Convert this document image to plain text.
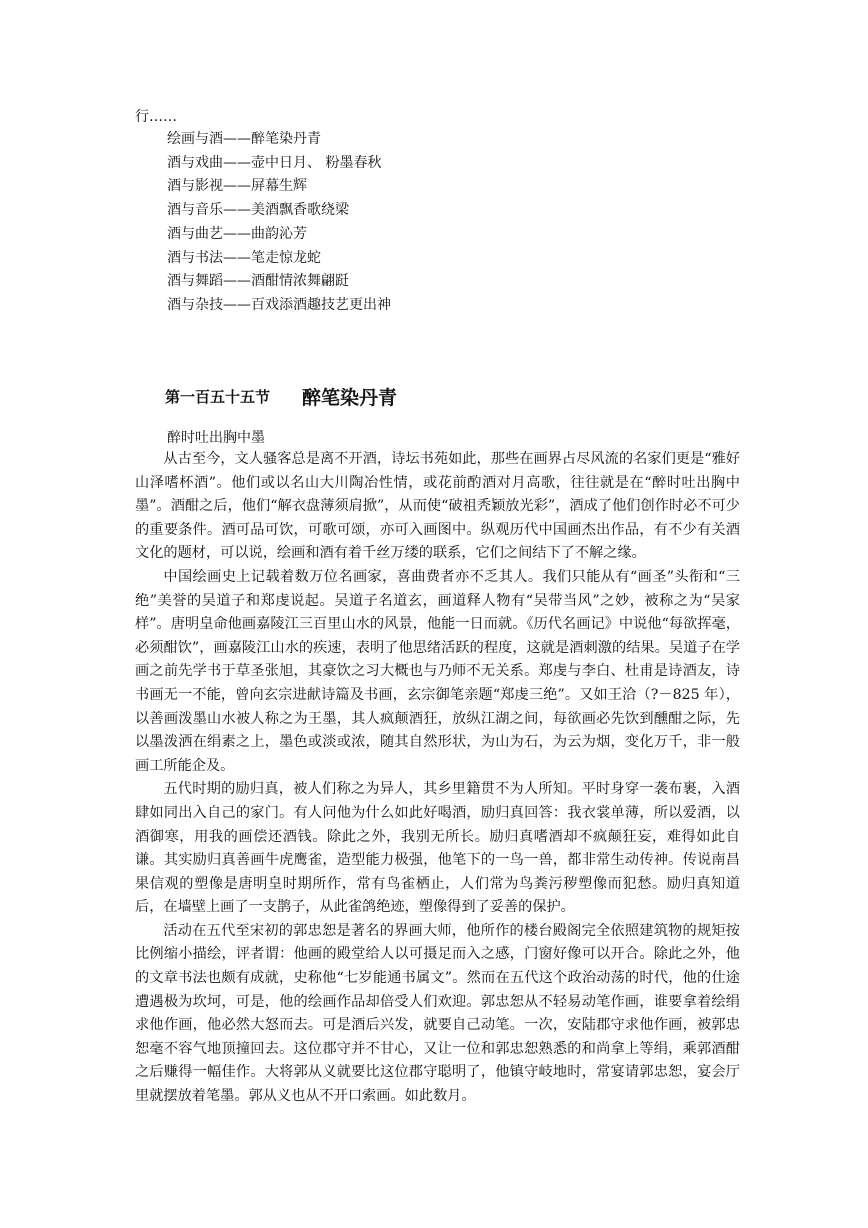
行……
绘画与酒——醉笔染丹青
酒与戏曲——壶中日月、 粉墨春秋
酒与影视——屏幕生辉
酒与音乐——美酒飘香歌绕梁
酒与曲艺——曲韵沁芳
酒与书法——笔走惊龙蛇
酒与舞蹈——酒酣情浓舞翩跹
酒与杂技——百戏添酒趣技艺更出神
第一百五十五节 醉笔染丹青
醉时吐出胸中墨

从古至今，文人骚客总是离不开酒，诗坛书苑如此，那些在画界占尽风流的名家们更是“雅好山泽嗜杯酒”。他们或以名山大川陶冶性情，或花前酌酒对月高歌，往往就是在“醉时吐出胸中墨”。酒酣之后，他们“解衣盘薄须肩掀”，从而使“破祖秃颖放光彩”，酒成了他们创作时必不可少的重要条件。酒可品可饮，可歌可颂，亦可入画图中。纵观历代中国画杰出作品，有不少有关酒文化的题材，可以说，绘画和酒有着千丝万缕的联系，它们之间结下了不解之缘。

中国绘画史上记载着数万位名画家，喜曲费者亦不乏其人。我们只能从有“画圣”头衔和“三绝”美誉的吴道子和郑虔说起。吴道子名道玄，画道释人物有“吴带当风”之妙，被称之为“吴家样”。唐明皇命他画嘉陵江三百里山水的风景，他能一日而就。《历代名画记》中说他“每欲挥毫，必须酣饮”，画嘉陵江山水的疾速，表明了他思绪活跃的程度，这就是酒刺激的结果。吴道子在学画之前先学书于草圣张旭，其豪饮之习大概也与乃师不无关系。郑虔与李白、杜甫是诗酒友，诗书画无一不能，曾向玄宗进献诗篇及书画，玄宗御笔亲题“郑虔三绝”。又如王洽（?－825 年），以善画泼墨山水被人称之为王墨，其人疯颠酒狂，放纵江湖之间，每欲画必先饮到醺酣之际，先以墨泼洒在绢素之上，墨色或淡或浓，随其自然形状，为山为石，为云为烟，变化万千，非一般画工所能企及。

五代时期的励归真，被人们称之为异人，其乡里籍贯不为人所知。平时身穿一袭布裹，入酒肆如同出入自己的家门。有人问他为什么如此好喝酒，励归真回答：我衣裳单薄，所以爱酒，以酒御寒，用我的画偿还酒钱。除此之外，我别无所长。励归真嗜酒却不疯颠狂妄，难得如此自谦。其实励归真善画牛虎鹰雀，造型能力极强，他笔下的一鸟一兽，都非常生动传神。传说南昌果信观的塑像是唐明皇时期所作，常有鸟雀栖止，人们常为鸟粪污秽塑像而犯愁。励归真知道后，在墙壁上画了一支鹊子，从此雀鸽绝迹，塑像得到了妥善的保护。

活动在五代至宋初的郭忠恕是著名的界画大师，他所作的楼台殿阁完全依照建筑物的规矩按比例缩小描绘，评者谓：他画的殿堂给人以可摄足而入之感，门窗好像可以开合。除此之外，他的文章书法也颇有成就，史称他“七岁能通书属文”。然而在五代这个政治动荡的时代，他的仕途遭遇极为坎坷，可是，他的绘画作品却倍受人们欢迎。郭忠恕从不轻易动笔作画，谁要拿着绘绢求他作画，他必然大怒而去。可是酒后兴发，就要自己动笔。一次，安陆郡守求他作画，被郭忠恕毫不容气地顶撞回去。这位郡守并不甘心，又让一位和郭忠恕熟悉的和尚拿上等绢，乘郭酒酣之后赚得一幅佳作。大将郭从义就要比这位郡守聪明了，他镇守岐地时，常宴请郭忠恕，宴会厅里就摆放着笔墨。郭从义也从不开口索画。如此数月。
